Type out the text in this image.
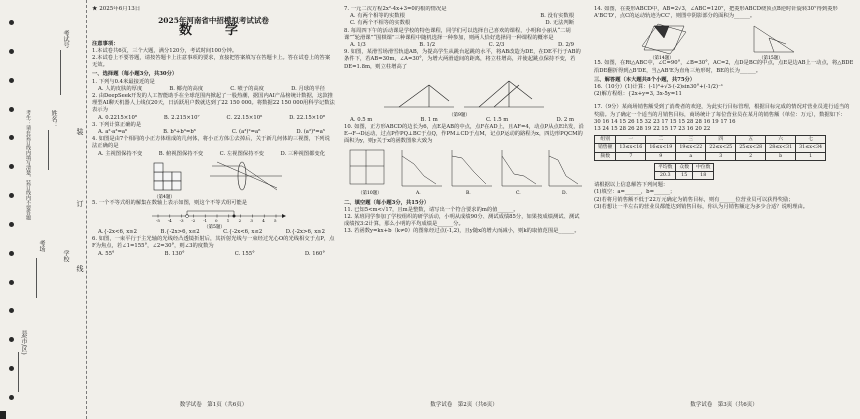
考生：请在装订线内填写清楚，装订线内不要答题	姓名：
考试号
考场
学校
县(市/区)
装
订
线
★ 2025年6月13日
2025年河南省中招模拟考试试卷
数　学

注意事项：

1.本试卷共6页，三个大题，满分120分，考试时间100分钟。

2.本试卷上不要答题，请按答题卡上注意事项的要求，直接把答案填写在答题卡上。答在试卷上的答案无效。

一、选择题（每小题3分，共30分）

1. 下列与0.4米最接近的是

A. 人的皮肤的厚度	B. 椰壳的高度	C. 喷子的高度	D. 月球的半径

2. 由DeepSeek开发的人工智能助手在全球范围内掀起了一股热潮，据国内AI产品榜统计数据，这款推理型AI聊天机器人上线仅20天，日活跃用户数就达到了22 150 000。将数据22 150 000用科学记数法表示为

A. 0.2215×10⁸	B. 2.215×10⁷	C. 22.15×10⁶	D. 22.15×10⁸

3. 下列计算正确的是

A. a²·a³=a⁶	B. b³+b³=b⁶	C. (a³)²=a⁶	D. (a²)³=a⁵

4. 如图是由7个相同的小正方体组成的几何体，将小正方体①去掉后，关于新几何体的三视图，下列说法正确的是

A. 主视图保持不变	B. 俯视图保持不变	C. 左视图保持不变	D. 三种视图都变化
（第4题）

5. 一个不等式组的解集在数轴上表示如图，则这个不等式组可能是

-5 -4 -3 -2 -1 0 1 2 3 4 5
（第5题）
A.{-2x<6, x≥2	B.{-2x>6, x≤2	C.{-2x<6, x≤2	D.{-2x>6, x≥2

6. 如图，一束平行于主光轴的光线经凸透镜折射后，其折射光线与一束经过光心O的光线相交于点P，点F为焦点，若∠1=155°，∠2=30°，则∠3的度数为

A. 55°	B. 130°	C. 155°	D. 160°
数学试卷　第1页（共6页）

7. 一元二次方程2x²-4x+3=0的根的情况是

A. 有两个相等的实数根	B. 没有实数根
C. 有两个不相等的实数根	D. 无法判断

8. 每周四下午的活动课是学校的特色课程，同学们可以选择自己喜欢的课程，小明和小丽从“二胡课”“轮滑课”“围棋课”三种课程中随机选择一种参加，则两人恰好选择同一种课程的概率是

A. 1/3	B. 1/2	C. 2/3	D. 2/9

9. 如图，某滑雪场滑雪轨道AB，为提高学生从跳台起跳的水平，将AB改造为DE，在DE平行于AB的条件下，若AB=30m，∠A=30°，为增大两滑道间的距离，将立柱增高，并使起跳点保持不变，若DE=1.8m，则立柱增高了

（第9题）
A. 0.5 m	B. 1 m	C. 1.5 m	D. 2 m

10. 如图，正方形ABCD的边长为6，点E是AB的中点，点F在AD上，且AF=4，动点P从点E出发，沿E→F→D运动，过点P作PQ⊥BC于点Q，作PM⊥CD于点M，记点P运动的路程为x，四边形PQCM的面积为y，则y关于x的函数图象大致为

（第10题）	A.	B.	C.	D.

二、填空题（每小题3分，共15分）

11. 已知5<m<√17，且m是整数，请写出一个符合要求的m的值______。

12. 某班同学参加了学校组织的研学活动，小明从成绩90分、测试成绩85分，如果按成绩测试、测试成绩按3:2计算，那么小明的平均成绩是______分。

13. 若函数y=kx+b（k≠0）的图象经过点(-1,2)，且y随x的增大而减小，则k的取值范围是______。

数学试卷　第2页（共6页）

14. 如图，在菱形ABCD中，AB=2√3，∠ABC=120°，把菱形ABCD绕顶点B逆时针旋转30°得到菱形A'BC'D'，点C的运动轨迹为CC'，则图中阴影部分的面积为______。

（第14题）	（第15题）

15. 如图，在Rt△ABC中，∠C=90°，∠B=30°，AC=2，点D是BC的中点，点E是边AB上一动点，将△BDE沿DE翻折得到△B'DE，当△AB'E为直角三角形时，BE的长为______。

三、解答题（本大题共8个小题，共75分）

16.（10分）(1)计算：(-1)⁰+√3·(-2)sin30°+(-1/2)⁻¹

(2)解方程组：{2x+y=3, 3x-5y=11

17.（9分）某商场销售额受到了消费者的欢迎，为此实行目标管理，根据目标完成的情况对营业员进行适当的奖励。为了确定一个适当的月销售目标，商场统计了每位营业员在某月的销售额（单位：万元），数据如下：

30 16 14 15 26 15 32 23 17 15 15 28 28 16 19 17 16

13 24 15 28 26 28 19 22 15 17 23 16 20 22

组别	一	二	三	四	五	六	七
销售额	13≤x<16	16≤x<19	19≤x<22	22≤x<25	25≤x<28	28≤x<31	31≤x<34
频数	7	9	a	3	2	b	1
平均数	众数	中位数
20.3	15	18

请根据以上信息解答下列问题：

(1)填空：a=______，b=______；

(2)若将月销售额不低于22万元确定为销售目标，则有______位营业员可以获得奖励；

(3)若想让一半左右的营业员都能达到销售目标，你认为月销售额定为多少合适？说明理由。

数学试卷　第3页（共6页）
